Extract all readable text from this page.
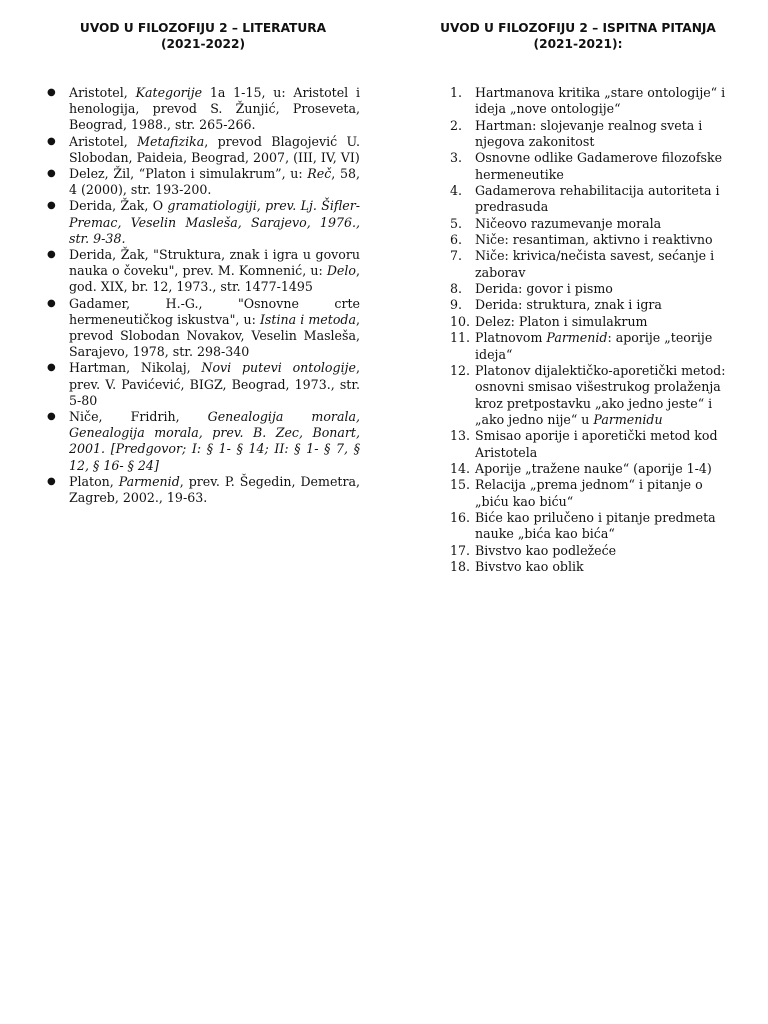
UVOD U FILOZOFIJU 2 – LITERATURA
(2021-2022)
● Aristotel, Kategorije 1a 1-15, u: Aristotel i henologija, prevod S. Žunjić, Proseveta, Beograd, 1988., str. 265-266.
● Aristotel, Metafizika, prevod Blagojević U. Slobodan, Paideia, Beograd, 2007, (III, IV, VI)
● Delez, Žil, “Platon i simulakrum”, u: Reč, 58, 4 (2000), str. 193-200.
● Derida, Žak, O gramatiologiji, prev. Lj. Šifler-Premac, Veselin Masleša, Sarajevo, 1976., str. 9-38.
● Derida, Žak, "Struktura, znak i igra u govoru nauka o čoveku", prev. M. Komnenić, u: Delo, god. XIX, br. 12, 1973., str. 1477-1495
● Gadamer, H.-G., "Osnovne crte hermeneutičkog iskustva", u: Istina i metoda, prevod Slobodan Novakov, Veselin Masleša, Sarajevo, 1978, str. 298-340
● Hartman, Nikolaj, Novi putevi ontologije, prev. V. Pavićević, BIGZ, Beograd, 1973., str. 5-80
● Niče, Fridrih, Genealogija morala, Genealogija morala, prev. B. Zec, Bonart, 2001. [Predgovor; I: § 1- § 14; II: § 1- § 7, § 12, § 16- § 24]
● Platon, Parmenid, prev. P. Šegedin, Demetra, Zagreb, 2002., 19-63.
UVOD U FILOZOFIJU 2 – ISPITNA PITANJA
(2021-2021):
1. Hartmanova kritika „stare ontologije“ i ideja „nove ontologije“
2. Hartman: slojevanje realnog sveta i njegova zakonitost
3. Osnovne odlike Gadamerove filozofske hermeneutike
4. Gadamerova rehabilitacija autoriteta i predrasuda
5. Ničeovo razumevanje morala
6. Niče: resantiman, aktivno i reaktivno
7. Niče: krivica/nečista savest, sećanje i zaborav
8. Derida: govor i pismo
9. Derida: struktura, znak i igra
10. Delez: Platon i simulakrum
11. Platnovom Parmenid: aporije „teorije ideja“
12. Platonov dijalektičko-aporetički metod: osnovni smisao višestrukog prolaženja kroz pretpostavku „ako jedno jeste“ i „ako jedno nije“ u Parmenidu
13. Smisao aporije i aporetički metod kod Aristotela
14. Aporije „tražene nauke“ (aporije 1-4)
15. Relacija „prema jednom“ i pitanje o „biću kao biću“
16. Biće kao prilučeno i pitanje predmeta nauke „bića kao bića“
17. Bivstvo kao podležeće
18. Bivstvo kao oblik
